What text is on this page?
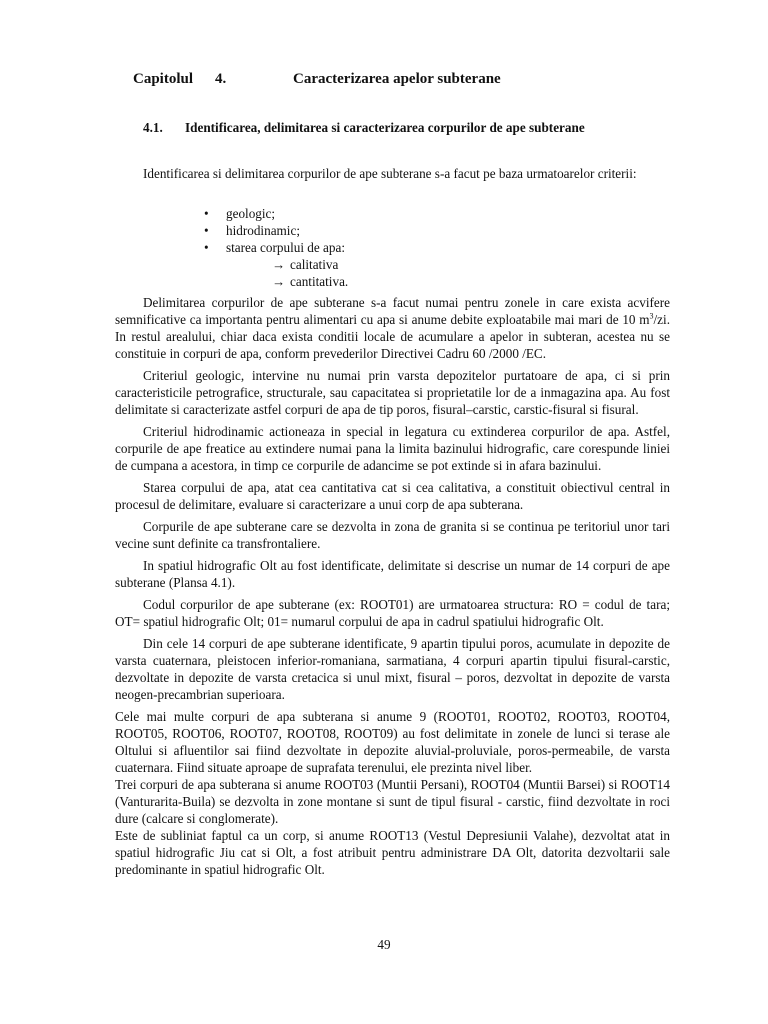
Capitolul 4.	Caracterizarea apelor subterane
4.1. Identificarea, delimitarea si caracterizarea corpurilor de ape subterane

Identificarea si delimitarea corpurilor de ape subterane s-a facut pe baza urmatoarelor criterii:

• geologic;
• hidrodinamic;
• starea corpului de apa:
→ calitativa
→ cantitativa.

Delimitarea corpurilor de ape subterane s-a facut numai pentru zonele in care exista acvifere semnificative ca importanta pentru alimentari cu apa si anume debite exploatabile mai mari de 10 $m^3/zi$. In restul arealului, chiar daca exista conditii locale de acumulare a apelor in subteran, acestea nu se constituie in corpuri de apa, conform prevederilor Directivei Cadru 60 /2000 /EC.

Criteriul geologic, intervine nu numai prin varsta depozitelor purtatoare de apa, ci si prin caracteristicile petrografice, structurale, sau capacitatea si proprietatile lor de a inmagazina apa. Au fost delimitate si caracterizate astfel corpuri de apa de tip poros, fisural–carstic, carstic-fisural si fisural.

Criteriul hidrodinamic actioneaza in special in legatura cu extinderea corpurilor de apa. Astfel, corpurile de ape freatice au extindere numai pana la limita bazinului hidrografic, care corespunde liniei de cumpana a acestora, in timp ce corpurile de adancime se pot extinde si in afara bazinului.

Starea corpului de apa, atat cea cantitativa cat si cea calitativa, a constituit obiectivul central in procesul de delimitare, evaluare si caracterizare a unui corp de apa subterana.

Corpurile de ape subterane care se dezvolta in zona de granita si se continua pe teritoriul unor tari vecine sunt definite ca transfrontaliere.

In spatiul hidrografic Olt au fost identificate, delimitate si descrise un numar de 14 corpuri de ape subterane (Plansa 4.1).

Codul corpurilor de ape subterane (ex: ROOT01) are urmatoarea structura: RO = codul de tara; OT= spatiul hidrografic Olt; 01= numarul corpului de apa in cadrul spatiului hidrografic Olt.

Din cele 14 corpuri de ape subterane identificate, 9 apartin tipului poros, acumulate in depozite de varsta cuaternara, pleistocen inferior-romaniana, sarmatiana, 4 corpuri apartin tipului fisural-carstic, dezvoltate in depozite de varsta cretacica si unul mixt, fisural – poros, dezvoltat in depozite de varsta neogen-precambrian superioara.

Cele mai multe corpuri de apa subterana si anume 9 (ROOT01, ROOT02, ROOT03, ROOT04, ROOT05, ROOT06, ROOT07, ROOT08, ROOT09) au fost delimitate in zonele de lunci si terase ale Oltului si afluentilor sai fiind dezvoltate in depozite aluvial-proluviale, poros-permeabile, de varsta cuaternara. Fiind situate aproape de suprafata terenului, ele prezinta nivel liber.

Trei corpuri de apa subterana si anume ROOT03 (Muntii Persani), ROOT04 (Muntii Barsei) si ROOT14 (Vanturarita-Buila) se dezvolta in zone montane si sunt de tipul fisural - carstic, fiind dezvoltate in roci dure (calcare si conglomerate).

Este de subliniat faptul ca un corp, si anume ROOT13 (Vestul Depresiunii Valahe), dezvoltat atat in spatiul hidrografic Jiu cat si Olt, a fost atribuit pentru administrare DA Olt, datorita dezvoltarii sale predominante in spatiul hidrografic Olt.

49
